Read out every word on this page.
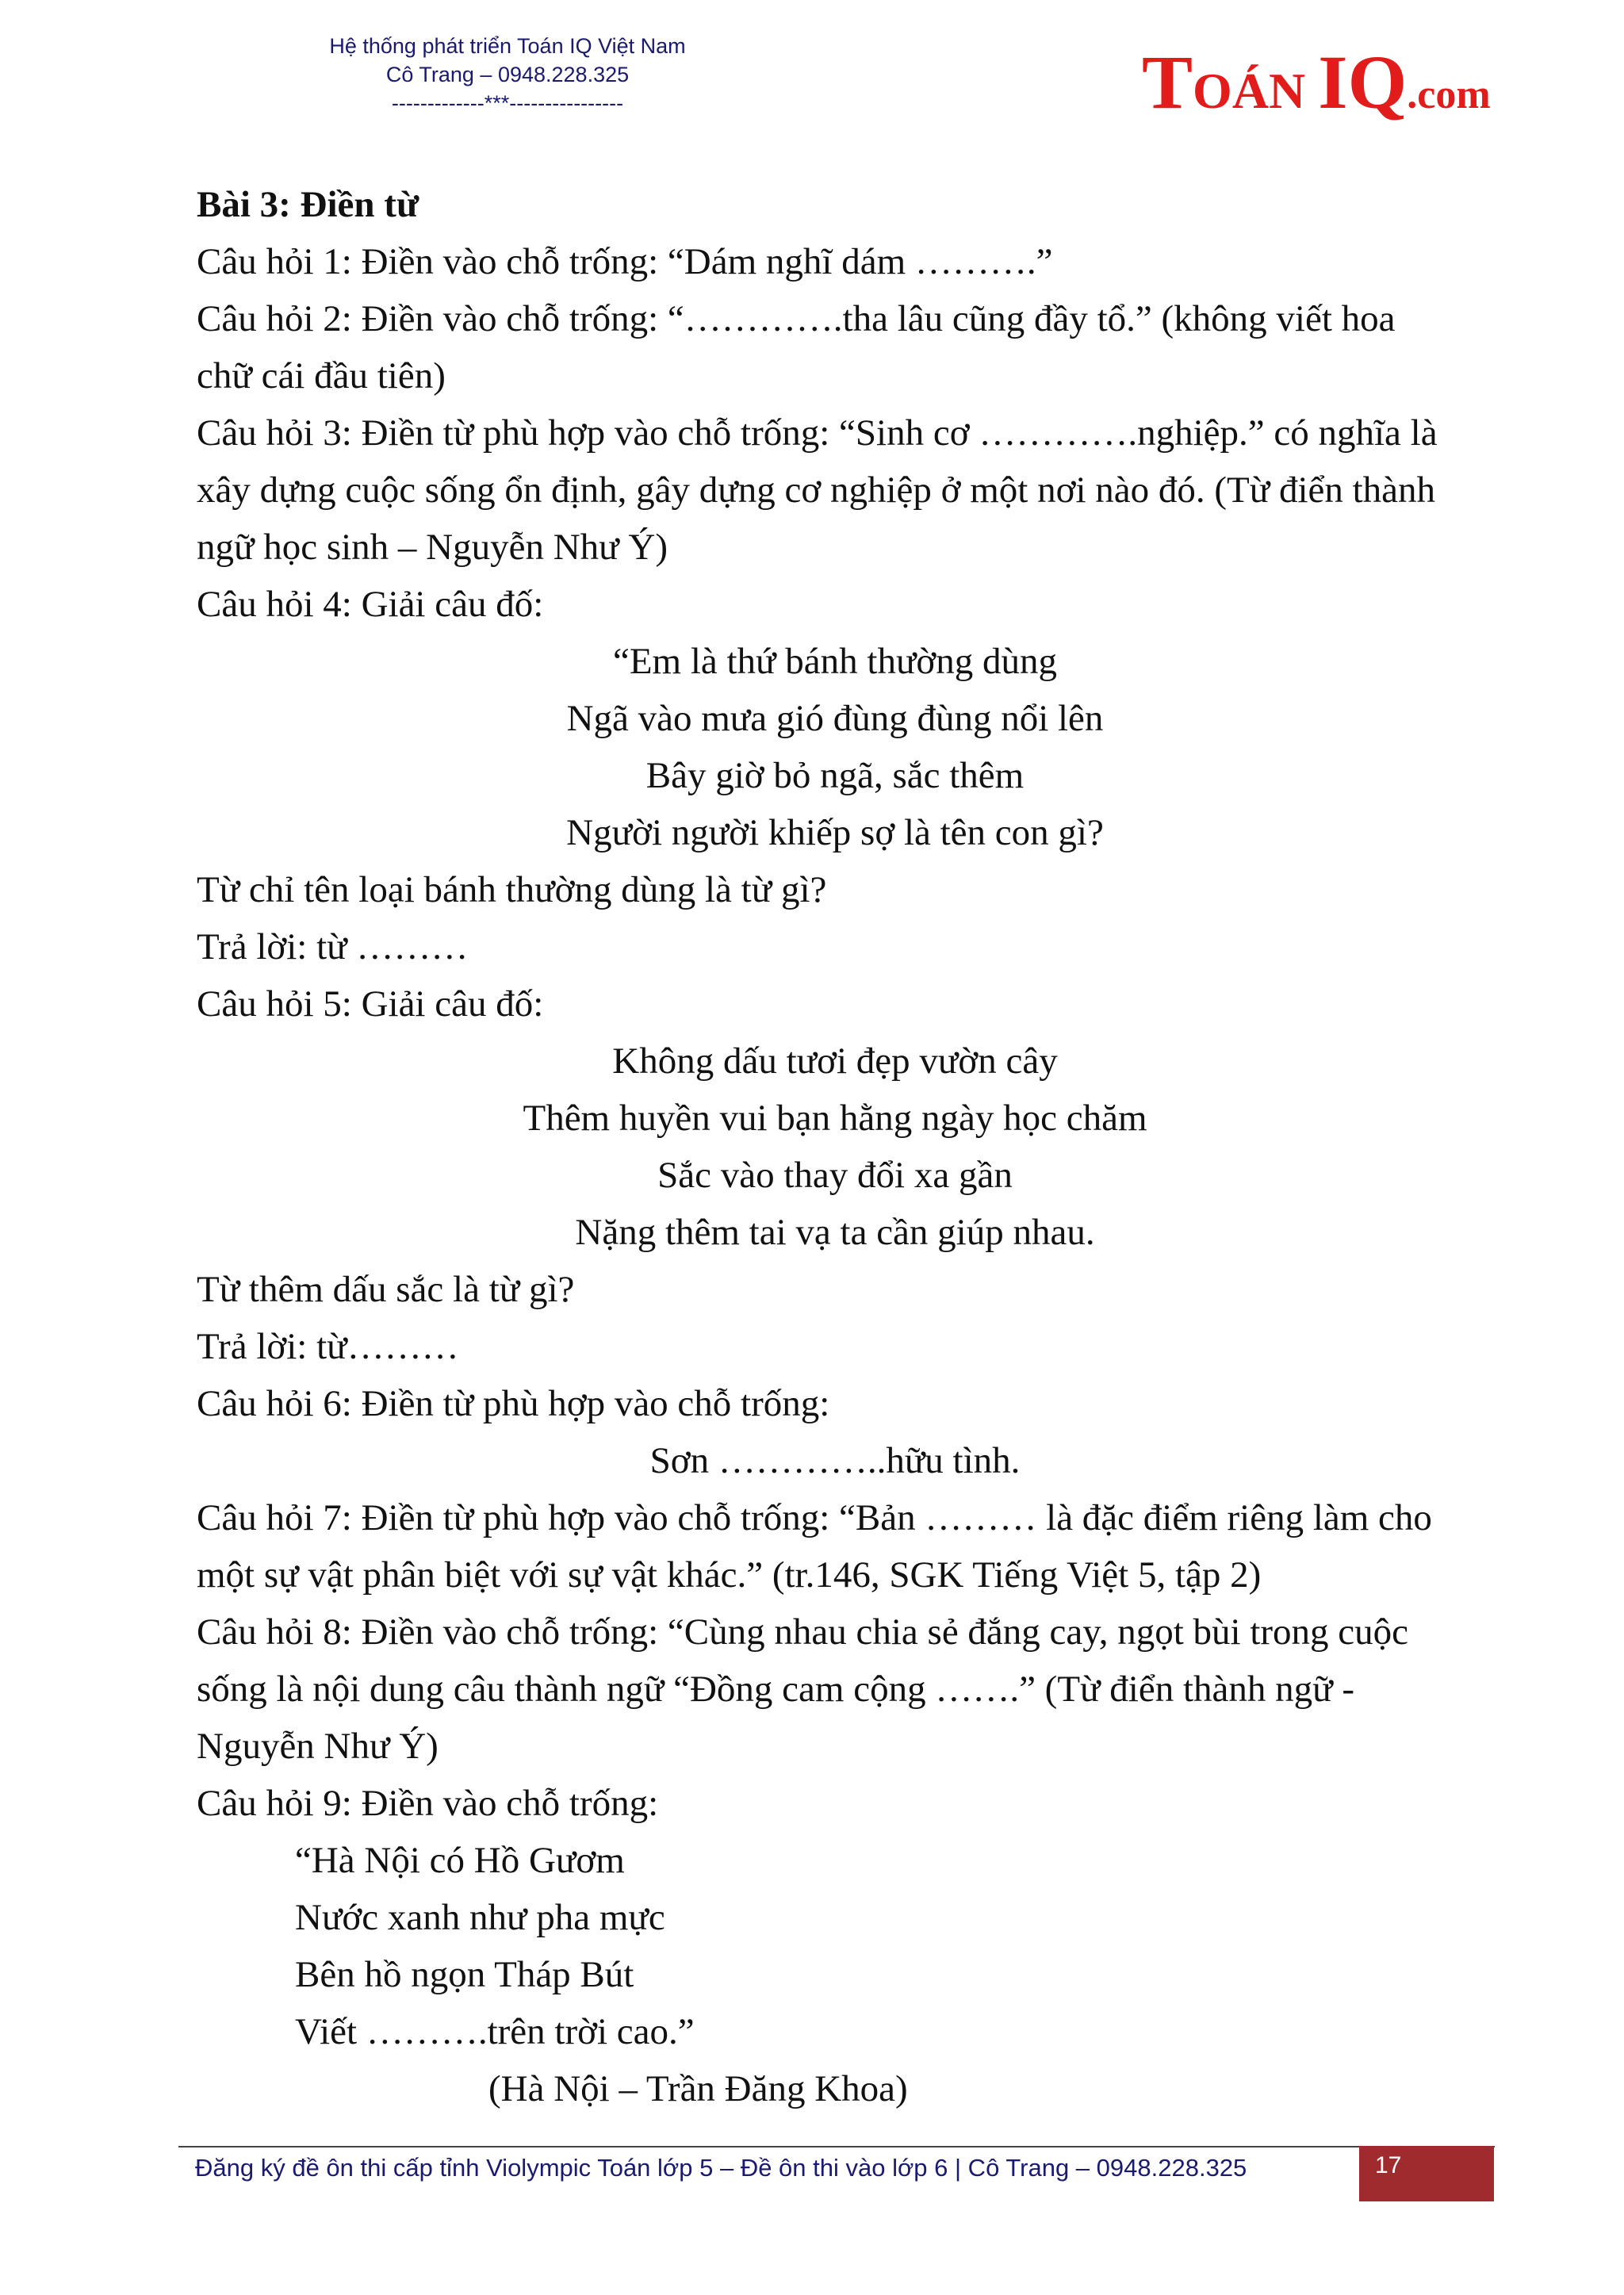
Hệ thống phát triển Toán IQ Việt Nam
Cô Trang – 0948.228.325
-------------***----------------	TOÁN IQ.com
Bài 3: Điền từ
Câu hỏi 1: Điền vào chỗ trống: “Dám nghĩ dám ……….”
Câu hỏi 2: Điền vào chỗ trống: “………….tha lâu cũng đầy tổ.” (không viết hoa
chữ cái đầu tiên)
Câu hỏi 3: Điền từ phù hợp vào chỗ trống: “Sinh cơ ………….nghiệp.” có nghĩa là
xây dựng cuộc sống ổn định, gây dựng cơ nghiệp ở một nơi nào đó. (Từ điển thành
ngữ học sinh – Nguyễn Như Ý)
Câu hỏi 4: Giải câu đố:
“Em là thứ bánh thường dùng
Ngã vào mưa gió đùng đùng nổi lên
Bây giờ bỏ ngã, sắc thêm
Người người khiếp sợ là tên con gì?
Từ chỉ tên loại bánh thường dùng là từ gì?
Trả lời: từ ………
Câu hỏi 5: Giải câu đố:
Không dấu tươi đẹp vườn cây
Thêm huyền vui bạn hằng ngày học chăm
Sắc vào thay đổi xa gần
Nặng thêm tai vạ ta cần giúp nhau.
Từ thêm dấu sắc là từ gì?
Trả lời: từ………
Câu hỏi 6: Điền từ phù hợp vào chỗ trống:
Sơn …………..hữu tình.
Câu hỏi 7: Điền từ phù hợp vào chỗ trống: “Bản ……… là đặc điểm riêng làm cho
một sự vật phân biệt với sự vật khác.” (tr.146, SGK Tiếng Việt 5, tập 2)
Câu hỏi 8: Điền vào chỗ trống: “Cùng nhau chia sẻ đắng cay, ngọt bùi trong cuộc
sống là nội dung câu thành ngữ “Đồng cam cộng …….” (Từ điển thành ngữ -
Nguyễn Như Ý)
Câu hỏi 9: Điền vào chỗ trống:
“Hà Nội có Hồ Gươm
Nước xanh như pha mực
Bên hồ ngọn Tháp Bút
Viết ……….trên trời cao.”
(Hà Nội – Trần Đăng Khoa)
Đăng ký đề ôn thi cấp tỉnh Violympic Toán lớp 5 – Đề ôn thi vào lớp 6 | Cô Trang – 0948.228.325	17
